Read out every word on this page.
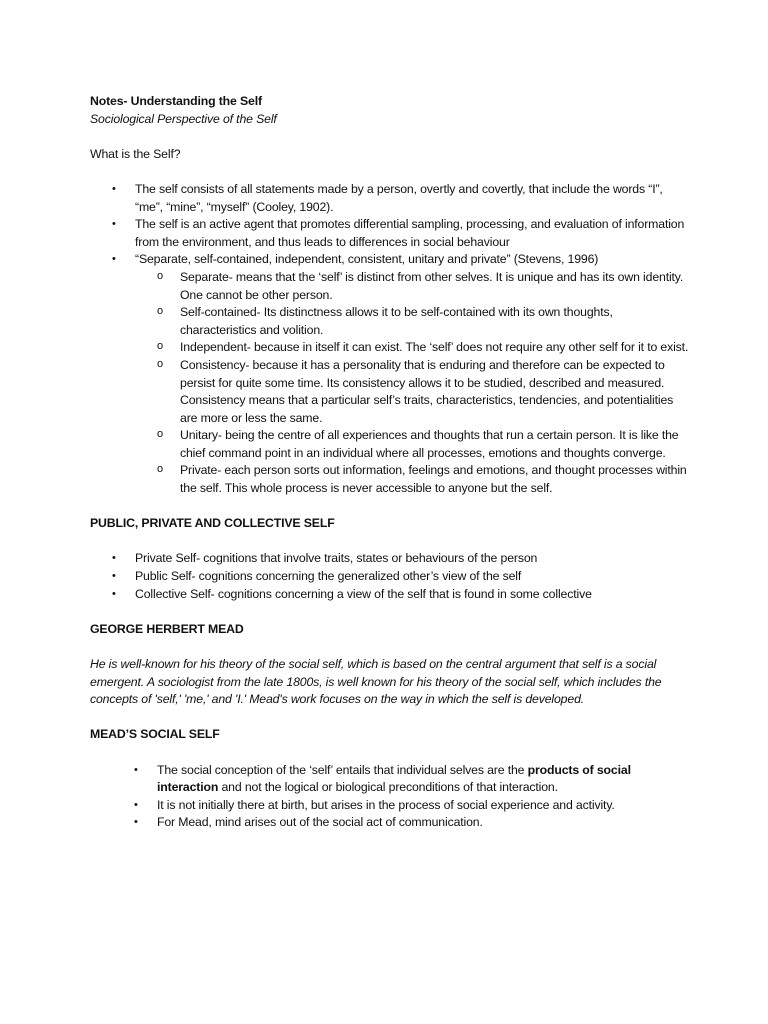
Notes- Understanding the Self
Sociological Perspective of the Self
What is the Self?
• The self consists of all statements made by a person, overtly and covertly, that include the words “I”, “me”, “mine”, “myself” (Cooley, 1902).
• The self is an active agent that promotes differential sampling, processing, and evaluation of information from the environment, and thus leads to differences in social behaviour
• “Separate, self-contained, independent, consistent, unitary and private” (Stevens, 1996)
o Separate- means that the ‘self’ is distinct from other selves. It is unique and has its own identity. One cannot be other person.
o Self-contained- Its distinctness allows it to be self-contained with its own thoughts, characteristics and volition.
o Independent- because in itself it can exist. The ‘self’ does not require any other self for it to exist.
o Consistency- because it has a personality that is enduring and therefore can be expected to persist for quite some time. Its consistency allows it to be studied, described and measured. Consistency means that a particular self’s traits, characteristics, tendencies, and potentialities are more or less the same.
o Unitary- being the centre of all experiences and thoughts that run a certain person. It is like the chief command point in an individual where all processes, emotions and thoughts converge.
o Private- each person sorts out information, feelings and emotions, and thought processes within the self. This whole process is never accessible to anyone but the self.
PUBLIC, PRIVATE AND COLLECTIVE SELF
• Private Self- cognitions that involve traits, states or behaviours of the person
• Public Self- cognitions concerning the generalized other’s view of the self
• Collective Self- cognitions concerning a view of the self that is found in some collective
GEORGE HERBERT MEAD
He is well-known for his theory of the social self, which is based on the central argument that self is a social emergent. A sociologist from the late 1800s, is well known for his theory of the social self, which includes the concepts of 'self,' 'me,' and 'I.' Mead's work focuses on the way in which the self is developed.
MEAD’S SOCIAL SELF
• The social conception of the ‘self’ entails that individual selves are the products of social interaction and not the logical or biological preconditions of that interaction.
• It is not initially there at birth, but arises in the process of social experience and activity.
• For Mead, mind arises out of the social act of communication.
